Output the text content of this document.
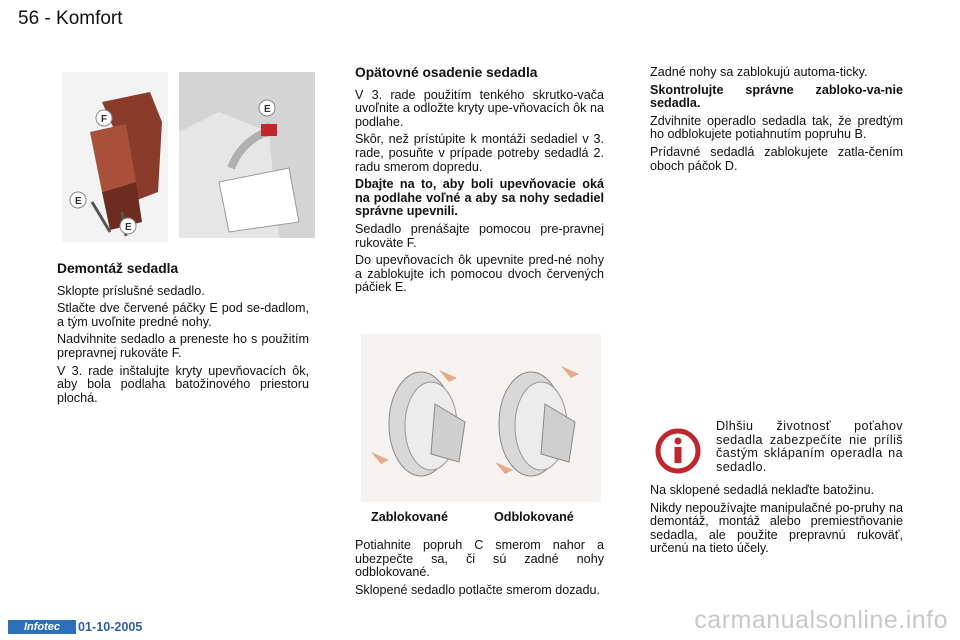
56 - Komfort
F
E
E
E
Demontáž sedadla

Sklopte príslušné sedadlo.

Stlačte dve červené páčky E pod se-dadlom, a tým uvoľnite predné nohy.

Nadvihnite sedadlo a preneste ho s použitím prepravnej rukoväte F.

V 3. rade inštalujte kryty upevňovacích ôk, aby bola podlaha batožinového priestoru plochá.

Opätovné osadenie sedadla

V 3. rade použitím tenkého skrutko-vača uvoľnite a odložte kryty upe-vňovacích ôk na podlahe.

Skôr, než prístúpite k montáži sedadiel v 3. rade, posuňte v prípade potreby sedadlá 2. radu smerom dopredu.

Dbajte na to, aby boli upevňovacie oká na podlahe voľné a aby sa nohy sedadiel správne upevnili.

Sedadlo prenášajte pomocou pre-pravnej rukoväte F.

Do upevňovacích ôk upevnite pred-né nohy a zablokujte ich pomocou dvoch červených páčiek E.

Zablokované	Odblokované

Potiahnite popruh C smerom nahor a ubezpečte sa, či sú zadné nohy odblokované.

Sklopené sedadlo potlačte smerom dozadu.

Zadné nohy sa zablokujú automa-ticky.

Skontrolujte správne zabloko-va-nie sedadla.

Zdvihnite operadlo sedadla tak, že predtým ho odblokujete potiahnutím popruhu B.

Prídavné sedadlá zablokujete zatla-čením oboch páčok D.

Dlhšiu životnosť poťahov sedadla zabezpečíte nie príliš častým sklápaním operadla na sedadlo.

Na sklopené sedadlá neklaďte batožinu.

Nikdy nepoužívajte manipulačné po-pruhy na demontáž, montáž alebo premiestňovanie sedadla, ale použite prepravnú rukoväť, určenú na tieto účely.

Infotec	01-10-2005	carmanualsonline.info
